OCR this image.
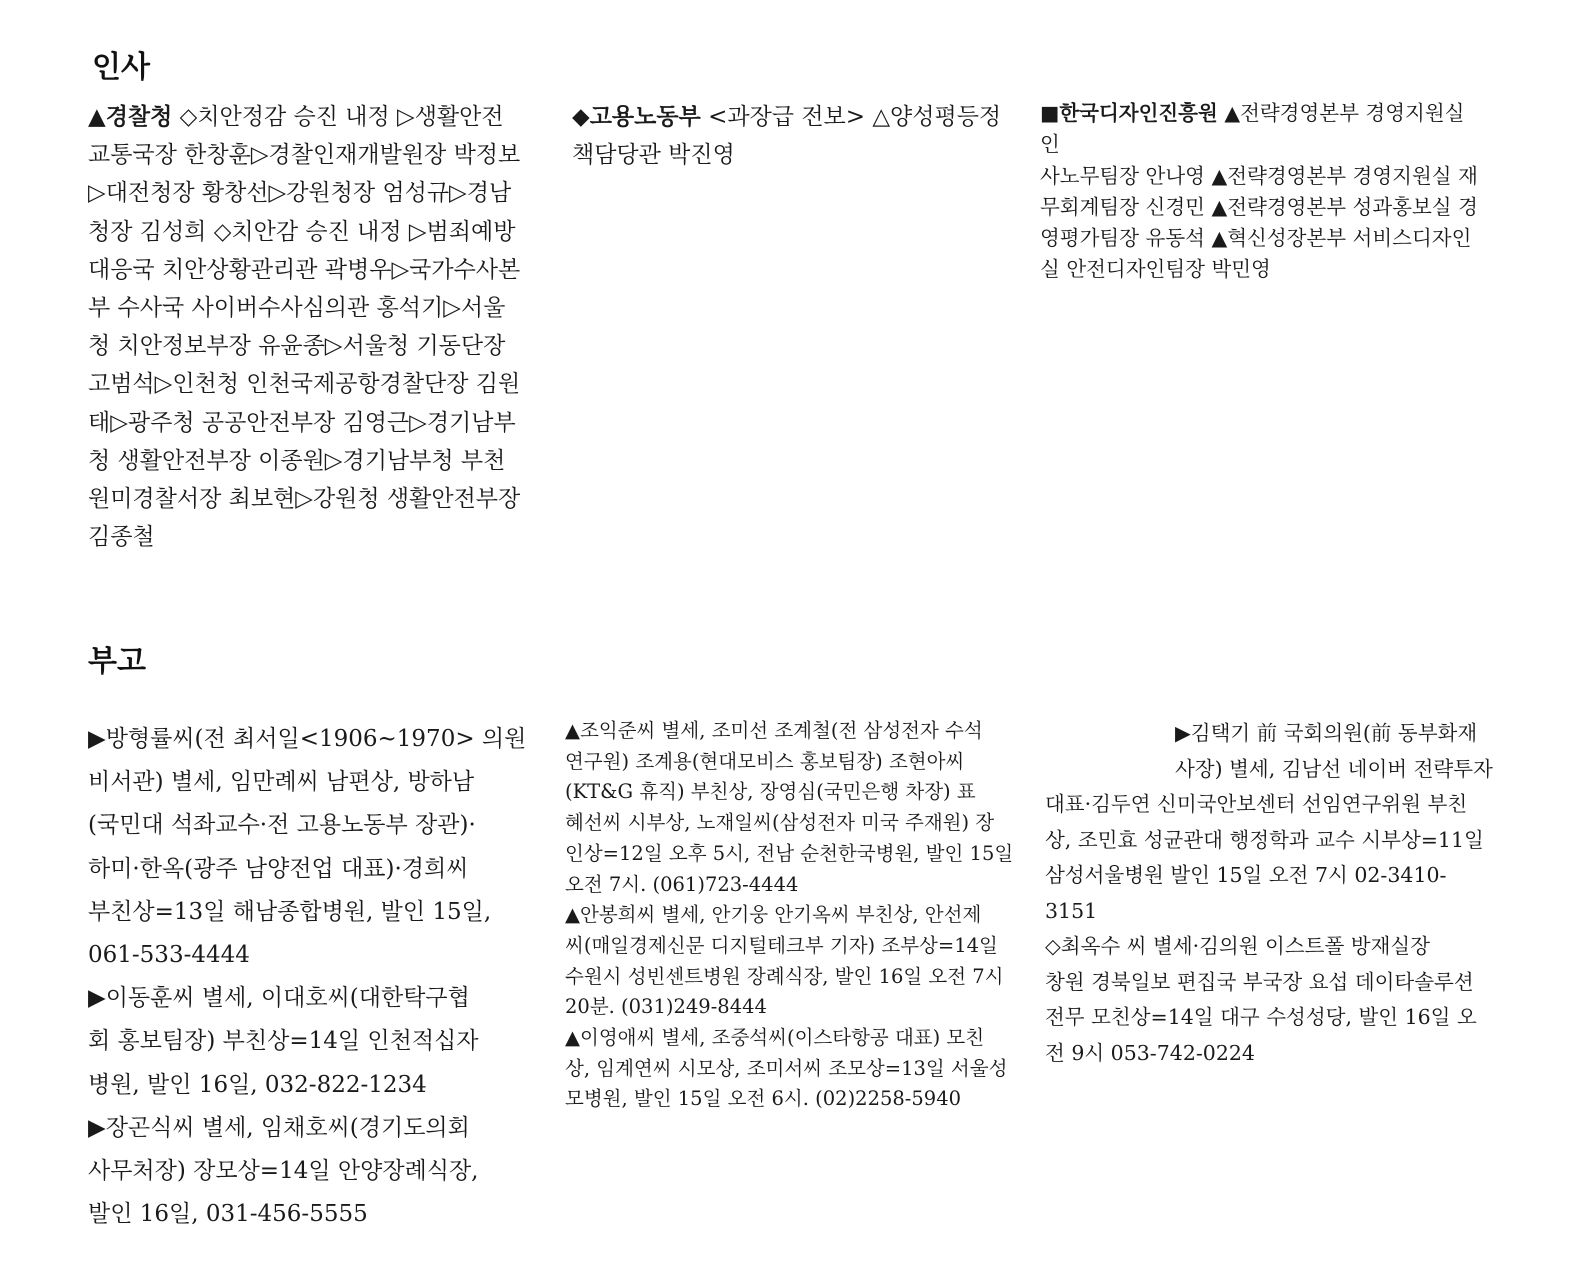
인사
▲경찰청 ◇치안정감 승진 내정 ▷생활안전
교통국장 한창훈▷경찰인재개발원장 박정보
▷대전청장 황창선▷강원청장 엄성규▷경남
청장 김성희 ◇치안감 승진 내정 ▷범죄예방
대응국 치안상황관리관 곽병우▷국가수사본
부 수사국 사이버수사심의관 홍석기▷서울
청 치안정보부장 유윤종▷서울청 기동단장
고범석▷인천청 인천국제공항경찰단장 김원
태▷광주청 공공안전부장 김영근▷경기남부
청 생활안전부장 이종원▷경기남부청 부천
원미경찰서장 최보현▷강원청 생활안전부장
김종철
◆고용노동부 <과장급 전보> △양성평등정
책담당관 박진영
■한국디자인진흥원 ▲전략경영본부 경영지원실 인
사노무팀장 안나영 ▲전략경영본부 경영지원실 재
무회계팀장 신경민 ▲전략경영본부 성과홍보실 경
영평가팀장 유동석 ▲혁신성장본부 서비스디자인
실 안전디자인팀장 박민영
부고
▶방형률씨(전 최서일<1906~1970> 의원
비서관) 별세, 임만례씨 남편상, 방하남
(국민대 석좌교수·전 고용노동부 장관)·
하미·한옥(광주 남양전업 대표)·경희씨
부친상=13일 해남종합병원, 발인 15일,
061-533-4444
▶이동훈씨 별세, 이대호씨(대한탁구협
회 홍보팀장) 부친상=14일 인천적십자
병원, 발인 16일, 032-822-1234
▶장곤식씨 별세, 임채호씨(경기도의회
사무처장) 장모상=14일 안양장례식장,
발인 16일, 031-456-5555
▲조익준씨 별세, 조미선 조계철(전 삼성전자 수석
연구원) 조계용(현대모비스 홍보팀장) 조현아씨
(KT&G 휴직) 부친상, 장영심(국민은행 차장) 표
혜선씨 시부상, 노재일씨(삼성전자 미국 주재원) 장
인상=12일 오후 5시, 전남 순천한국병원, 발인 15일
오전 7시. (061)723-4444
▲안봉희씨 별세, 안기웅 안기옥씨 부친상, 안선제
씨(매일경제신문 디지털테크부 기자) 조부상=14일
수원시 성빈센트병원 장례식장, 발인 16일 오전 7시
20분. (031)249-8444
▲이영애씨 별세, 조중석씨(이스타항공 대표) 모친
상, 임계연씨 시모상, 조미서씨 조모상=13일 서울성
모병원, 발인 15일 오전 6시. (02)2258-5940
▶김택기 前 국회의원(前 동부화재
사장) 별세, 김남선 네이버 전략투자
대표·김두연 신미국안보센터 선임연구위원 부친
상, 조민효 성균관대 행정학과 교수 시부상=11일
삼성서울병원 발인 15일 오전 7시 02-3410-3151
◇최옥수 씨 별세·김의원 이스트폴 방재실장
창원 경북일보 편집국 부국장 요섭 데이타솔루션
전무 모친상=14일 대구 수성성당, 발인 16일 오
전 9시 053-742-0224
